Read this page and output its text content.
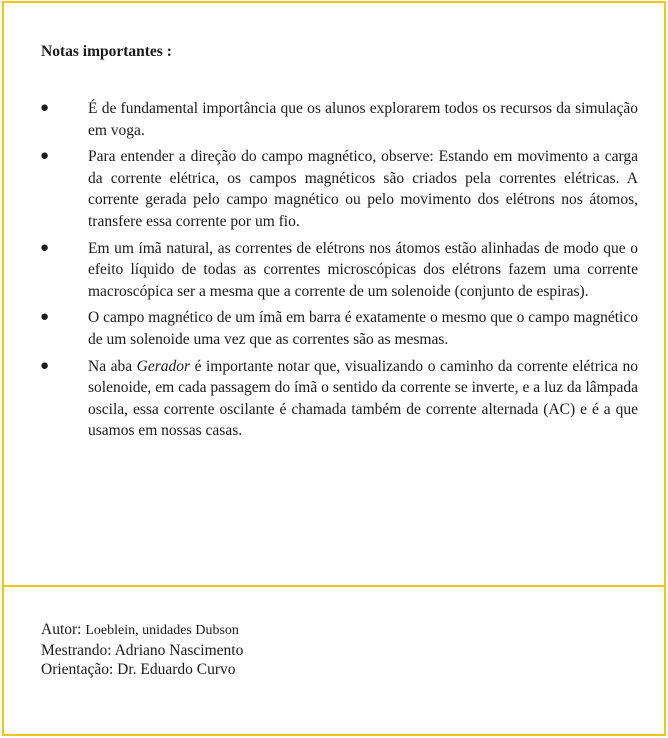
Notas importantes :

●	É de fundamental importância que os alunos explorarem todos os recursos da simulação em voga.
●	Para entender a direção do campo magnético, observe: Estando em movimento a carga da corrente elétrica, os campos magnéticos são criados pela correntes elétricas. A corrente gerada pelo campo magnético ou pelo movimento dos elétrons nos átomos, transfere essa corrente por um fio.
●	Em um ímã natural, as correntes de elétrons nos átomos estão alinhadas de modo que o efeito líquido de todas as correntes microscópicas dos elétrons fazem uma corrente macroscópica ser a mesma que a corrente de um solenoide (conjunto de espiras).
●	O campo magnético de um ímã em barra é exatamente o mesmo que o campo magnético de um solenoide uma vez que as correntes são as mesmas.
●	Na aba Gerador é importante notar que, visualizando o caminho da corrente elétrica no solenoide, em cada passagem do ímã o sentido da corrente se inverte, e a luz da lâmpada oscila, essa corrente oscilante é chamada também de corrente alternada (AC) e é a que usamos em nossas casas.
Autor: Loeblein, unidades Dubson
Mestrando: Adriano Nascimento
Orientação: Dr. Eduardo Curvo
